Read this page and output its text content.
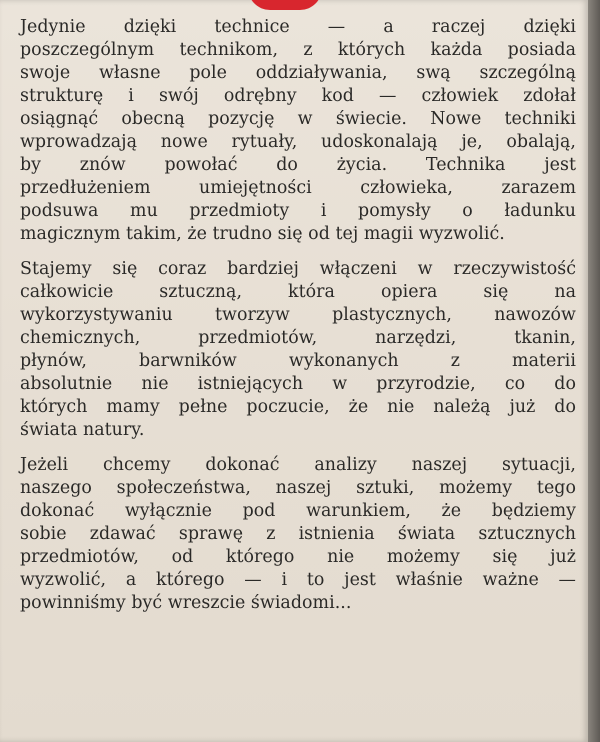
Jedynie dzięki technice — a raczej dzięki
poszczególnym technikom, z których każda posiada
swoje własne pole oddziaływania, swą szczególną
strukturę i swój odrębny kod — człowiek zdołał
osiągnąć obecną pozycję w świecie. Nowe techniki
wprowadzają nowe rytuały, udoskonalają je, obalają,
by znów powołać do życia. Technika jest
przedłużeniem umiejętności człowieka, zarazem
podsuwa mu przedmioty i pomysły o ładunku
magicznym takim, że trudno się od tej magii wyzwolić.
Stajemy się coraz bardziej włączeni w rzeczywistość
całkowicie sztuczną, która opiera się na
wykorzystywaniu tworzyw plastycznych, nawozów
chemicznych, przedmiotów, narzędzi, tkanin,
płynów, barwników wykonanych z materii
absolutnie nie istniejących w przyrodzie, co do
których mamy pełne poczucie, że nie należą już do
świata natury.
Jeżeli chcemy dokonać analizy naszej sytuacji,
naszego społeczeństwa, naszej sztuki, możemy tego
dokonać wyłącznie pod warunkiem, że będziemy
sobie zdawać sprawę z istnienia świata sztucznych
przedmiotów, od którego nie możemy się już
wyzwolić, a którego — i to jest właśnie ważne —
powinniśmy być wreszcie świadomi...
